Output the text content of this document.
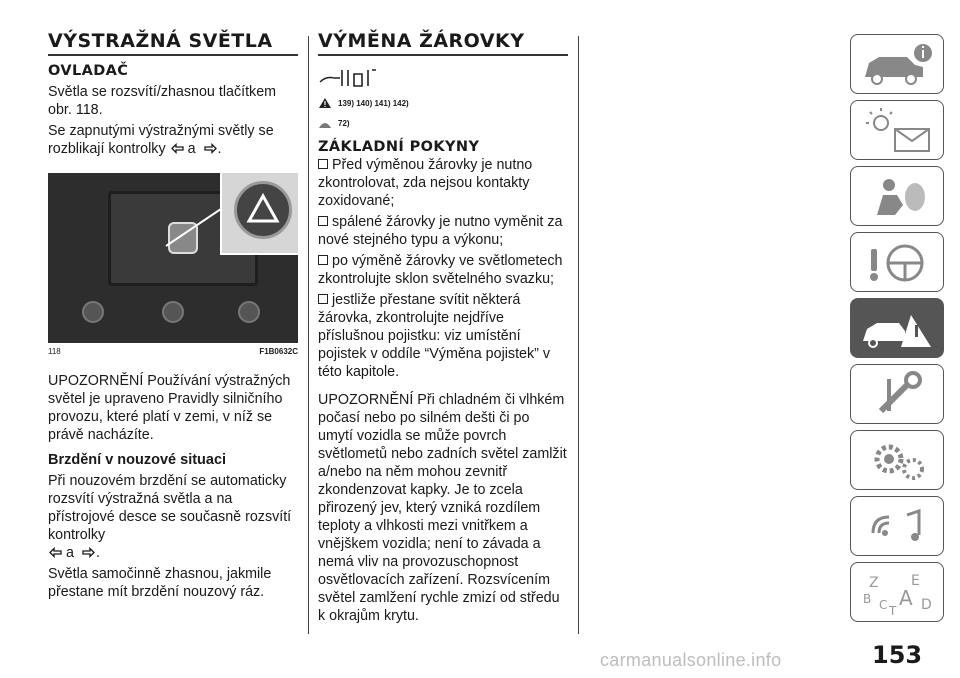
VÝSTRAŽNÁ SVĚTLA
OVLADAČ

Světla se rozsvítí/zhasnou tlačítkem obr. 118.

Se zapnutými výstražnými světly se rozblikají kontrolky a .

118	F1B0632C

UPOZORNĚNÍ Používání výstražných světel je upraveno Pravidly silničního provozu, které platí v zemi, v níž se právě nacházíte.

Brzdění v nouzové situaci

Při nouzovém brzdění se automaticky rozsvítí výstražná světla a na přístrojové desce se současně rozsvítí kontrolky
a .

Světla samočinně zhasnou, jakmile přestane mít brzdění nouzový ráz.

VÝMĚNA ŽÁROVKY
139) 140) 141) 142)
72)
ZÁKLADNÍ POKYNY

Před výměnou žárovky je nutno zkontrolovat, zda nejsou kontakty zoxidované;

spálené žárovky je nutno vyměnit za nové stejného typu a výkonu;

po výměně žárovky ve světlometech zkontrolujte sklon světelného svazku;

jestliže přestane svítit některá žárovka, zkontrolujte nejdříve příslušnou pojistku: viz umístění pojistek v oddíle “Výměna pojistek” v této kapitole.

UPOZORNĚNÍ Při chladném či vlhkém počasí nebo po silném dešti či po umytí vozidla se může povrch světlometů nebo zadních světel zamlžit a/nebo na něm mohou zevnitř zkondenzovat kapky. Je to zcela přirozený jev, který vzniká rozdílem teploty a vlhkosti mezi vnitřkem a vnějškem vozidla; není to závada a nemá vliv na provozuschopnost osvětlovacích zařízení. Rozsvícením světel zamlžení rychle zmizí od středu k okrajům krytu.

Z E
B A
C T D
153
carmanualsonline.info
